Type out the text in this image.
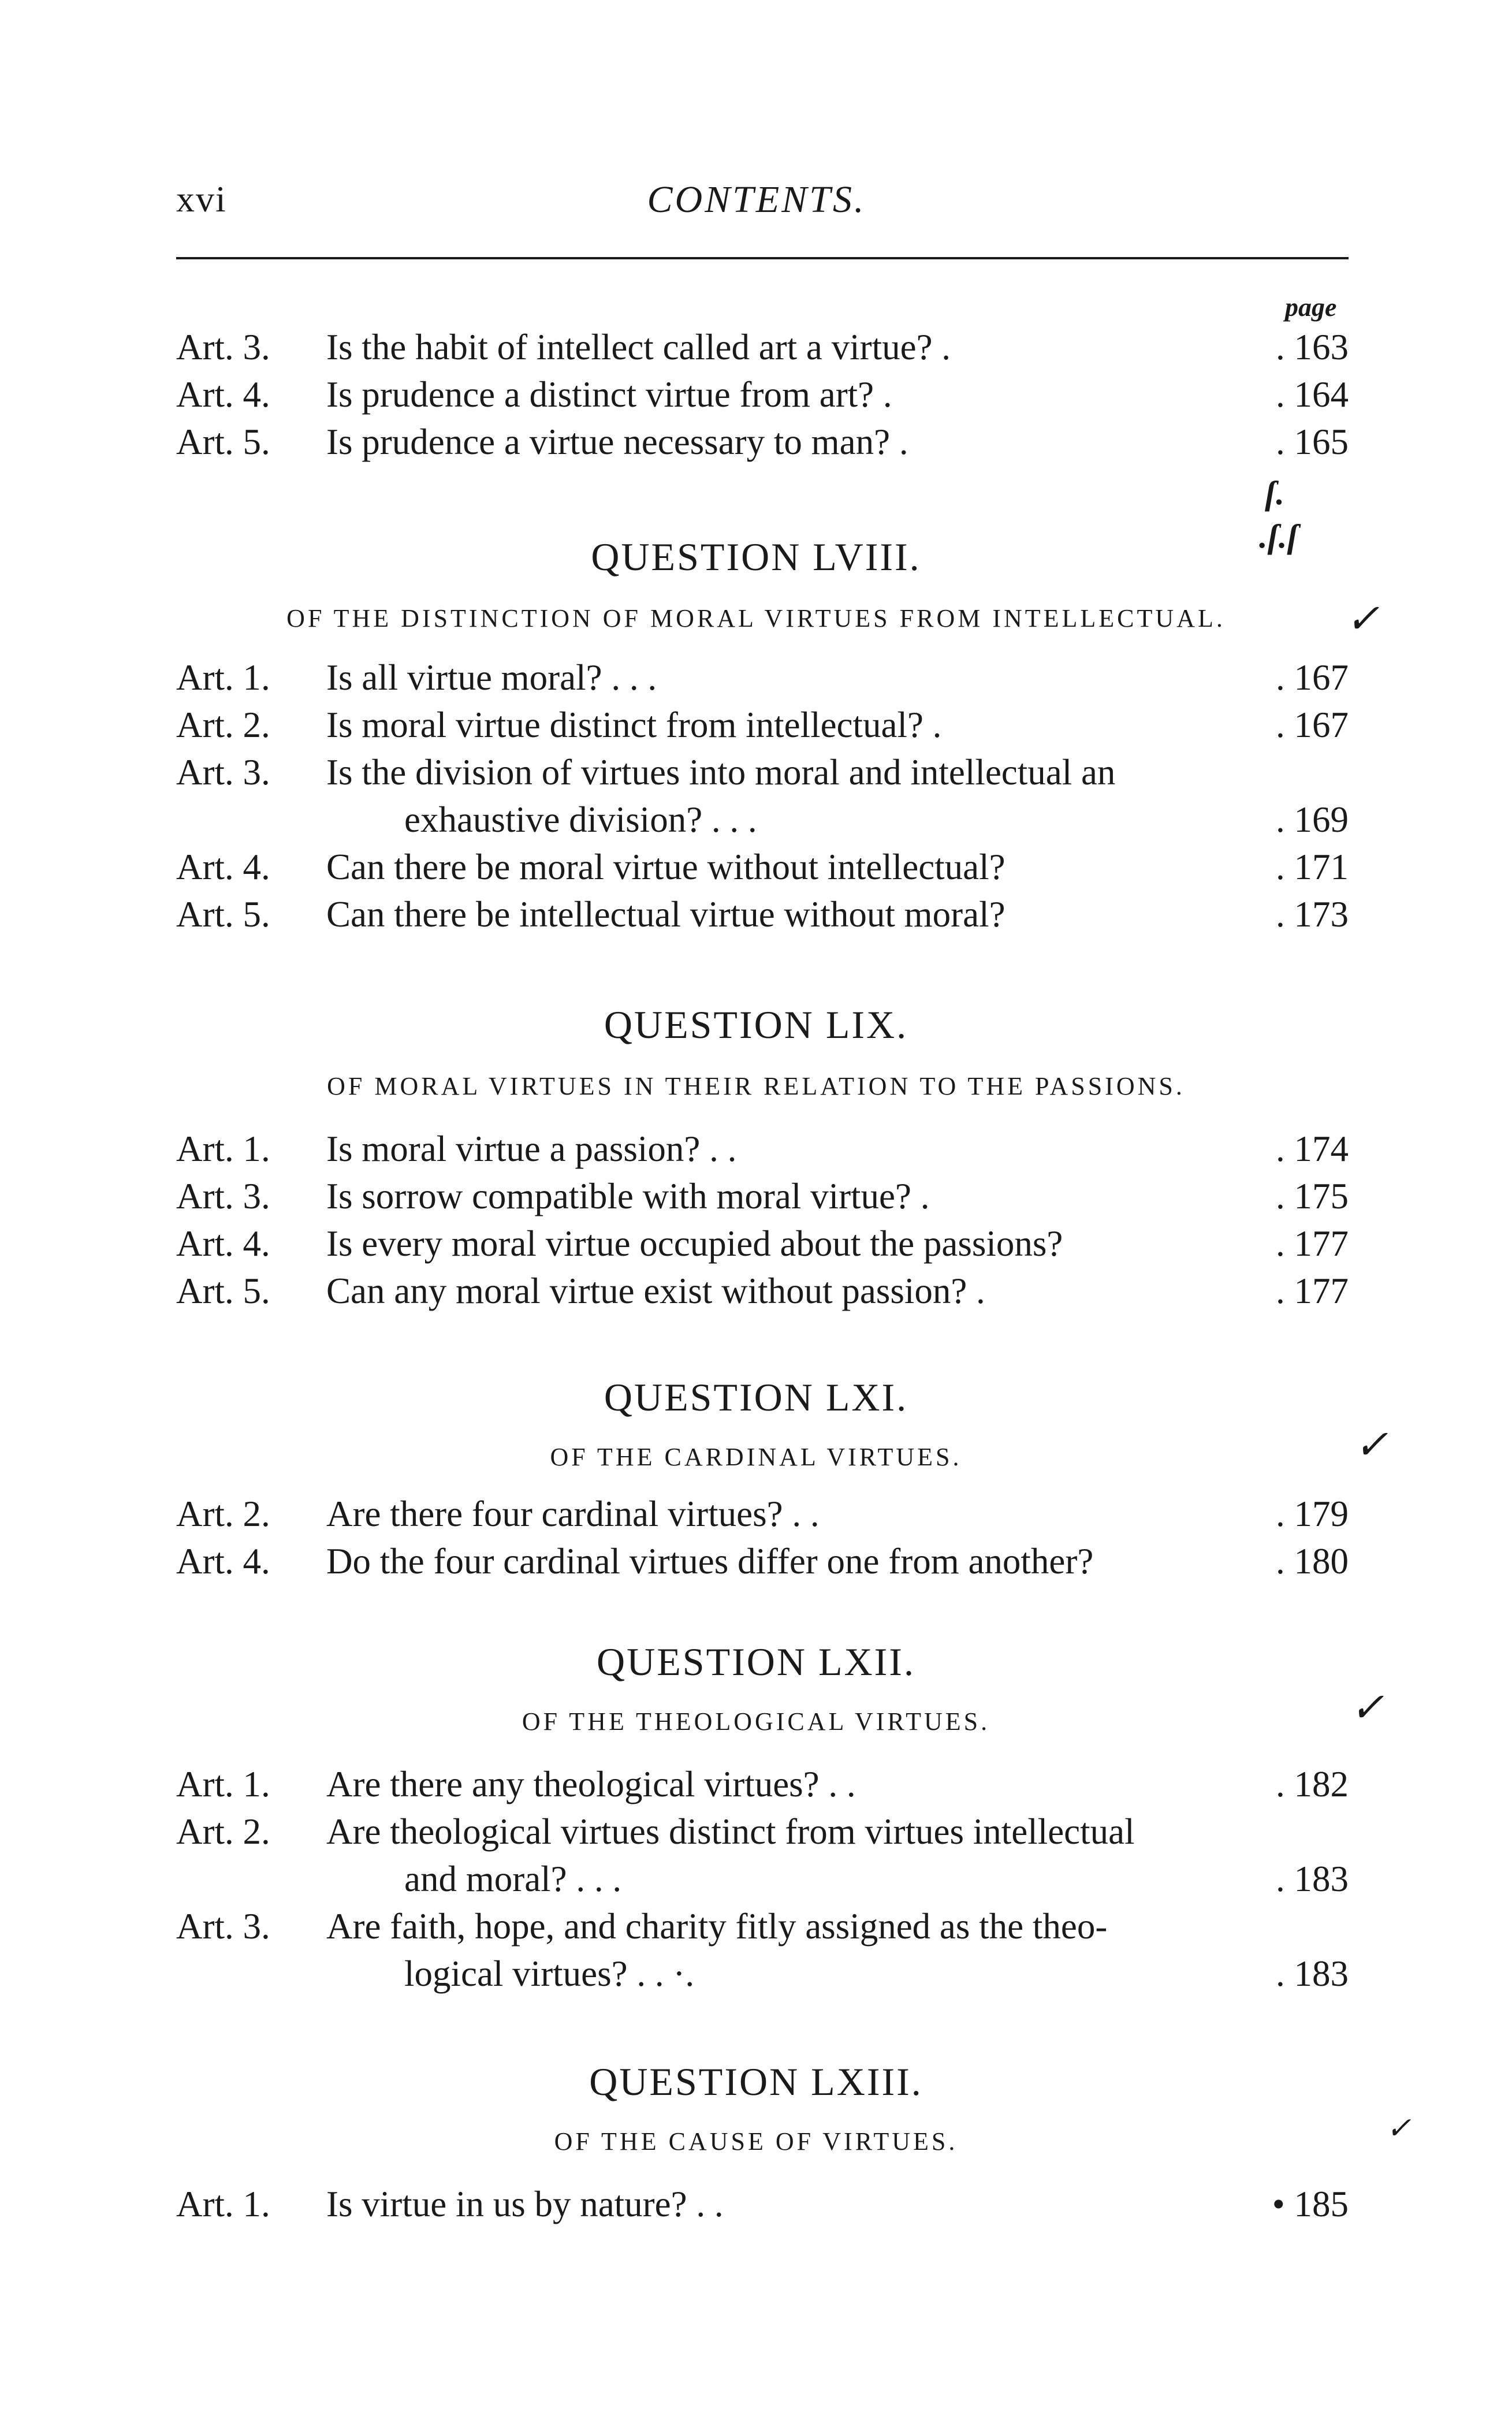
xvi	CONTENTS.
page
Art. 3. Is the habit of intellect called art a virtue? .	. 163
Art. 4. Is prudence a distinct virtue from art? .	. 164
Art. 5. Is prudence a virtue necessary to man? .	. 165
ſ.
.ſ.ſ
QUESTION LVIII.
OF THE DISTINCTION OF MORAL VIRTUES FROM INTELLECTUAL.	✓
Art. 1. Is all virtue moral? . . .	. 167
Art. 2. Is moral virtue distinct from intellectual? .	. 167
Art. 3. Is the division of virtues into moral and intellectual an
exhaustive division? . . .	. 169
Art. 4. Can there be moral virtue without intellectual?	. 171
Art. 5. Can there be intellectual virtue without moral?	. 173
QUESTION LIX.
OF MORAL VIRTUES IN THEIR RELATION TO THE PASSIONS.
Art. 1. Is moral virtue a passion? . .	. 174
Art. 3. Is sorrow compatible with moral virtue? .	. 175
Art. 4. Is every moral virtue occupied about the passions?	. 177
Art. 5. Can any moral virtue exist without passion? .	. 177
QUESTION LXI.
OF THE CARDINAL VIRTUES.	✓
Art. 2. Are there four cardinal virtues? . .	. 179
Art. 4. Do the four cardinal virtues differ one from another?	. 180
QUESTION LXII.
OF THE THEOLOGICAL VIRTUES.	✓
Art. 1. Are there any theological virtues? . .	. 182
Art. 2. Are theological virtues distinct from virtues intellectual
and moral? . . .	. 183
Art. 3. Are faith, hope, and charity fitly assigned as the theo-
logical virtues? . . ·.	. 183
QUESTION LXIII.
OF THE CAUSE OF VIRTUES.	✓
Art. 1. Is virtue in us by nature? . .	• 185
